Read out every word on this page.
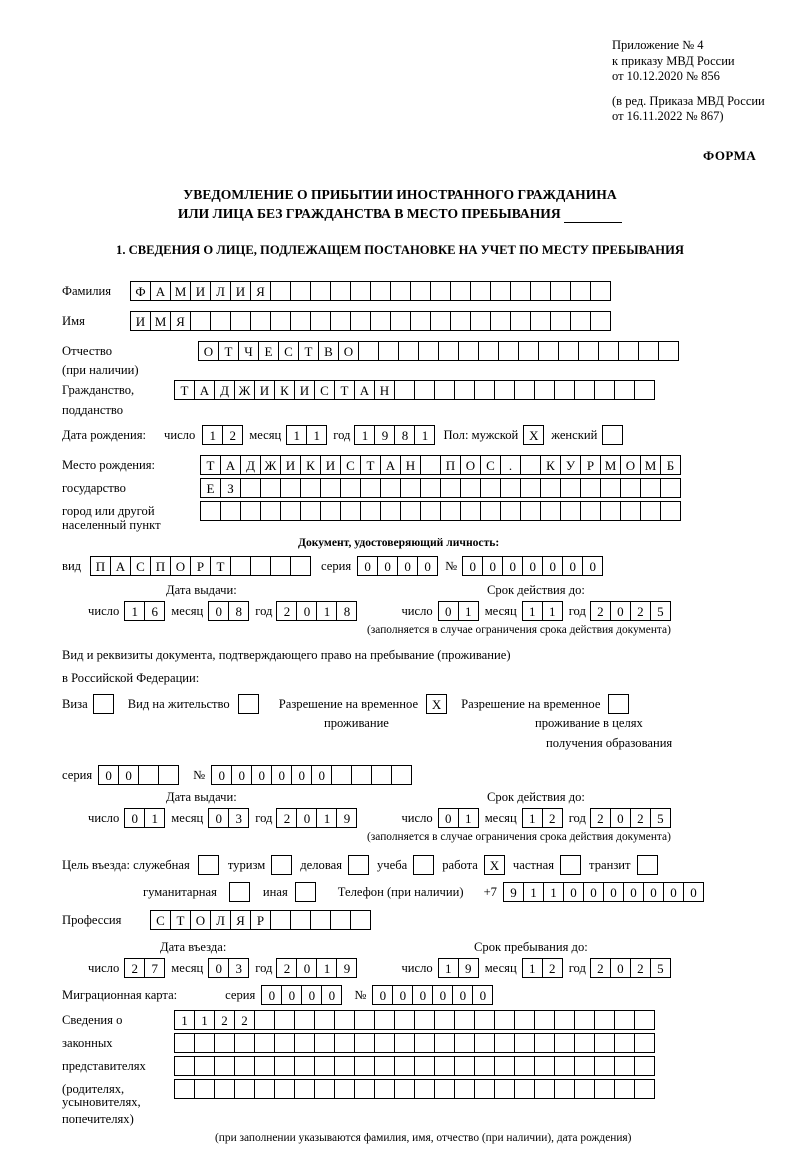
Приложение № 4
к приказу МВД России
от 10.12.2020 № 856
(в ред. Приказа МВД России
от 16.11.2022 № 867)
ФОРМА
УВЕДОМЛЕНИЕ О ПРИБЫТИИ ИНОСТРАННОГО ГРАЖДАНИНА
ИЛИ ЛИЦА БЕЗ ГРАЖДАНСТВА В МЕСТО ПРЕБЫВАНИЯ
1. СВЕДЕНИЯ О ЛИЦЕ, ПОДЛЕЖАЩЕМ ПОСТАНОВКЕ НА УЧЕТ ПО МЕСТУ ПРЕБЫВАНИЯ
Фамилия	Ф А М И Л И Я
Имя	И М Я
Отчество	О Т Ч Е С Т В О
(при наличии)
Гражданство,	Т А Д Ж И К И С Т А Н
подданство
Дата рождения: число	1	2	месяц 1	1	год 1	9	8	1	Пол: мужской X	женский
Место рождения:	Т А Д Ж И К И С Т А Н	П О С	.	К У Р М О М Б
государство	Е З
город или другой
населенный пункт
Документ, удостоверяющий личность:
вид	П А С П О Р Т	серия	0	0	0	0	№ 0	0	0	0	0	0	0
Дата выдачи:	Срок действия до:
число 1	6	месяц 0	8	год 2	0	1	8	число 0	1	месяц 1	1	год 2	0	2	5
(заполняется в случае ограничения срока действия документа)
Вид и реквизиты документа, подтверждающего право на пребывание (проживание)
в Российской Федерации:
Виза	Вид на жительство	Разрешение на временное	X	Разрешение на временное
проживание	проживание в целях
получения образования
серия	0	0	№	0	0	0	0	0	0
Дата выдачи:	Срок действия до:
число 0	1	месяц 0	3	год 2	0	1	9	число 0	1	месяц 1	2	год 2	0	2	5
(заполняется в случае ограничения срока действия документа)
Цель въезда: служебная	туризм	деловая	учеба	работа X	частная	транзит
гуманитарная	иная	Телефон (при наличии) +7	9	1	1	0	0	0	0	0	0	0
Профессия	С Т О Л Я Р
Дата въезда:	Срок пребывания до:
число 2	7	месяц 0	3	год 2	0	1	9	число 1	9	месяц 1	2	год 2	0	2	5
Миграционная карта:	серия	0	0	0	0	№	0	0	0	0	0	0
Сведения о	1	1	2	2
законных
представителях
(родителях,
усыновителях,
попечителях)
(при заполнении указываются фамилия, имя, отчество (при наличии), дата рождения)
